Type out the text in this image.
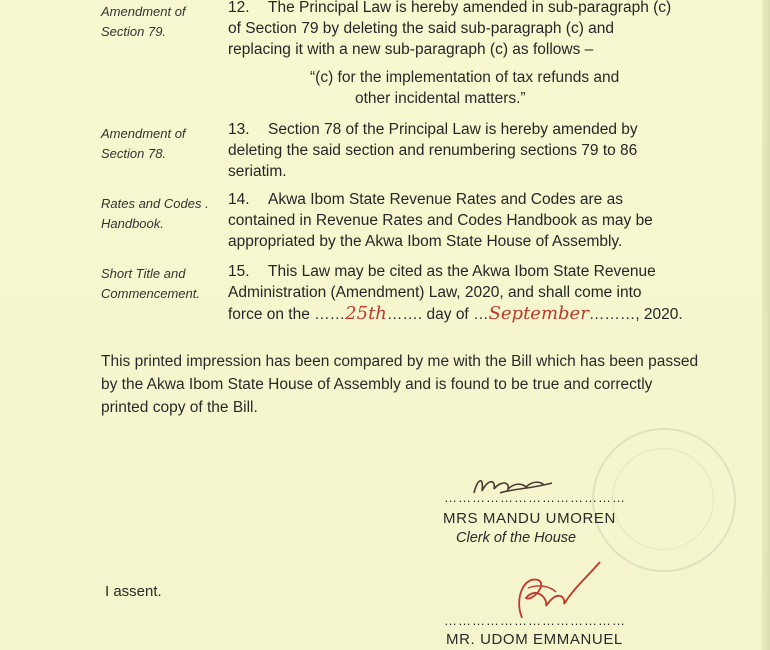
Amendment of
Section 79.
12. The Principal Law is hereby amended in sub-paragraph (c)
of Section 79 by deleting the said sub-paragraph (c) and
replacing it with a new sub-paragraph (c) as follows –
“(c) for the implementation of tax refunds and
other incidental matters.”
Amendment of
Section 78.
13. Section 78 of the Principal Law is hereby amended by
deleting the said section and renumbering sections 79 to 86
seriatim.
Rates and Codes .
Handbook.
14. Akwa Ibom State Revenue Rates and Codes are as
contained in Revenue Rates and Codes Handbook as may be
appropriated by the Akwa Ibom State House of Assembly.
Short Title and
Commencement.
15. This Law may be cited as the Akwa Ibom State Revenue
Administration (Amendment) Law, 2020, and shall come into
force on the ……25th……. day of …September………, 2020.
This printed impression has been compared by me with the Bill which has been passed by the Akwa Ibom State House of Assembly and is found to be true and correctly printed copy of the Bill.
…………………………………
MRS MANDU UMOREN
Clerk of the House
I assent.
…………………………………
MR. UDOM EMMANUEL
